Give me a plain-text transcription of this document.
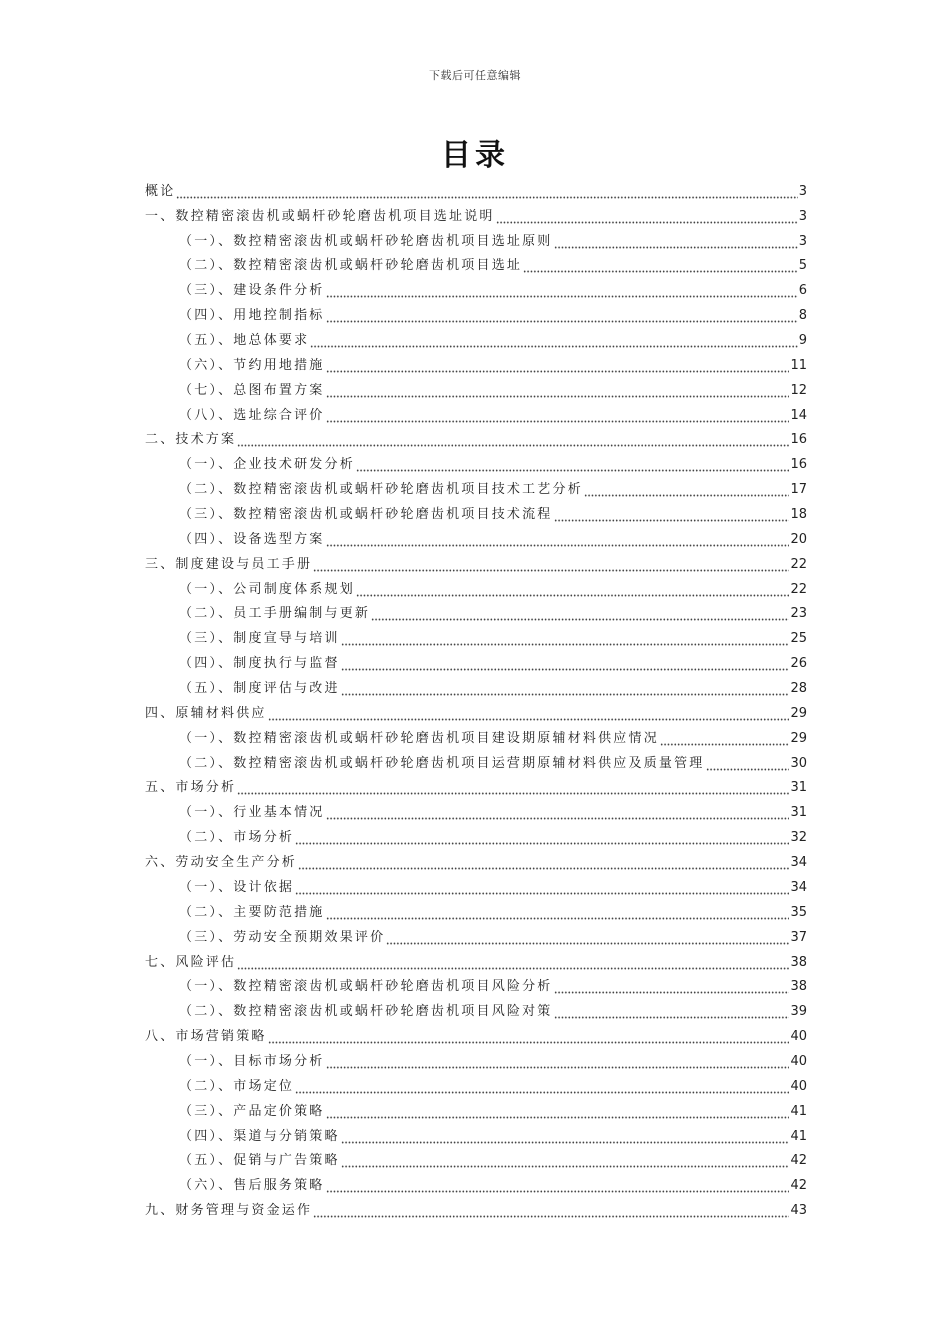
下载后可任意编辑
目录
概论	3
一、数控精密滚齿机或蜗杆砂轮磨齿机项目选址说明	3
（一）、数控精密滚齿机或蜗杆砂轮磨齿机项目选址原则	3
（二）、数控精密滚齿机或蜗杆砂轮磨齿机项目选址	5
（三）、建设条件分析	6
（四）、用地控制指标	8
（五）、地总体要求	9
（六）、节约用地措施	11
（七）、总图布置方案	12
（八）、选址综合评价	14
二、技术方案	16
（一）、企业技术研发分析	16
（二）、数控精密滚齿机或蜗杆砂轮磨齿机项目技术工艺分析	17
（三）、数控精密滚齿机或蜗杆砂轮磨齿机项目技术流程	18
（四）、设备选型方案	20
三、制度建设与员工手册	22
（一）、公司制度体系规划	22
（二）、员工手册编制与更新	23
（三）、制度宣导与培训	25
（四）、制度执行与监督	26
（五）、制度评估与改进	28
四、原辅材料供应	29
（一）、数控精密滚齿机或蜗杆砂轮磨齿机项目建设期原辅材料供应情况	29
（二）、数控精密滚齿机或蜗杆砂轮磨齿机项目运营期原辅材料供应及质量管理	30
五、市场分析	31
（一）、行业基本情况	31
（二）、市场分析	32
六、劳动安全生产分析	34
（一）、设计依据	34
（二）、主要防范措施	35
（三）、劳动安全预期效果评价	37
七、风险评估	38
（一）、数控精密滚齿机或蜗杆砂轮磨齿机项目风险分析	38
（二）、数控精密滚齿机或蜗杆砂轮磨齿机项目风险对策	39
八、市场营销策略	40
（一）、目标市场分析	40
（二）、市场定位	40
（三）、产品定价策略	41
（四）、渠道与分销策略	41
（五）、促销与广告策略	42
（六）、售后服务策略	42
九、财务管理与资金运作	43
